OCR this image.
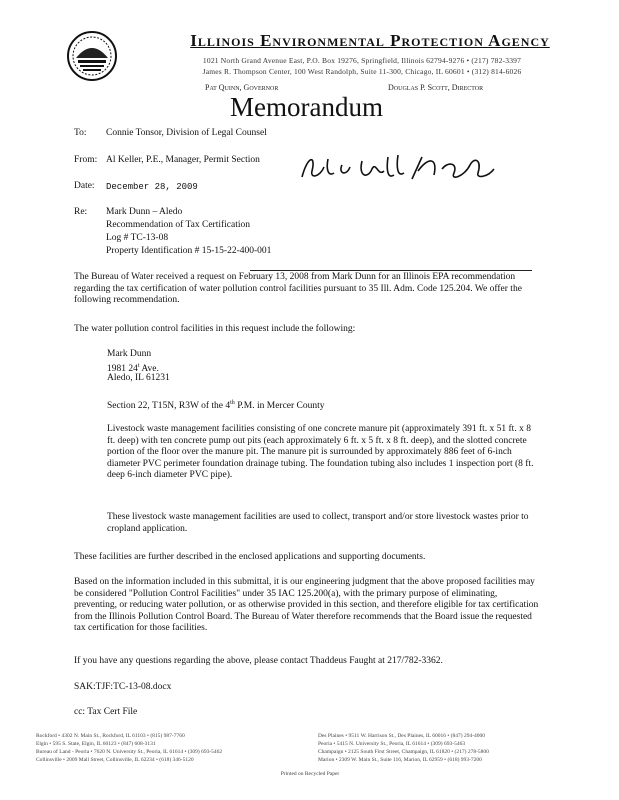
Illinois Environmental Protection Agency
1021 North Grand Avenue East, P.O. Box 19276, Springfield, Illinois 62794-9276 • (217) 782-3397
James R. Thompson Center, 100 West Randolph, Suite 11-300, Chicago, IL 60601 • (312) 814-6026
Pat Quinn, Governor	Douglas P. Scott, Director
Memorandum
To: Connie Tonsor, Division of Legal Counsel
From: Al Keller, P.E., Manager, Permit Section
Date: December 28, 2009
Re: Mark Dunn – Aledo
Recommendation of Tax Certification
Log # TC-13-08
Property Identification # 15-15-22-400-001
The Bureau of Water received a request on February 13, 2008 from Mark Dunn for an Illinois EPA recommendation regarding the tax certification of water pollution control facilities pursuant to 35 Ill. Adm. Code 125.204. We offer the following recommendation.
The water pollution control facilities in this request include the following:
Mark Dunn
1981 24$^t$ Ave.
Aledo, IL 61231
Section 22, T15N, R3W of the 4th P.M. in Mercer County
Livestock waste management facilities consisting of one concrete manure pit (approximately 391 ft. x 51 ft. x 8 ft. deep) with ten concrete pump out pits (each approximately 6 ft. x 5 ft. x 8 ft. deep), and the slotted concrete portion of the floor over the manure pit. The manure pit is surrounded by approximately 886 feet of 6-inch diameter PVC perimeter foundation drainage tubing. The foundation tubing also includes 1 inspection port (8 ft. deep 6-inch diameter PVC pipe).
These livestock waste management facilities are used to collect, transport and/or store livestock wastes prior to cropland application.
These facilities are further described in the enclosed applications and supporting documents.
Based on the information included in this submittal, it is our engineering judgment that the above proposed facilities may be considered "Pollution Control Facilities" under 35 IAC 125.200(a), with the primary purpose of eliminating, preventing, or reducing water pollution, or as otherwise provided in this section, and therefore eligible for tax certification from the Illinois Pollution Control Board. The Bureau of Water therefore recommends that the Board issue the requested tax certification for those facilities.
If you have any questions regarding the above, please contact Thaddeus Faught at 217/782-3362.
SAK:TJF:TC-13-08.docx
cc: Tax Cert File
Rockford • 4302 N. Main St., Rockford, IL 61103 • (815) 987-7760
Elgin • 595 S. State, Elgin, IL 60123 • (847) 608-3131
Bureau of Land - Peoria • 7620 N. University St., Peoria, IL 61614 • (309) 693-5462
Collinsville • 2009 Mall Street, Collinsville, IL 62234 • (618) 346-5120
Des Plaines • 9511 W. Harrison St., Des Plaines, IL 60016 • (847) 294-4000
Peoria • 5415 N. University St., Peoria, IL 61614 • (309) 693-5463
Champaign • 2125 South First Street, Champaign, IL 61820 • (217) 278-5800
Marion • 2309 W. Main St., Suite 116, Marion, IL 62959 • (618) 993-7200
Printed on Recycled Paper
